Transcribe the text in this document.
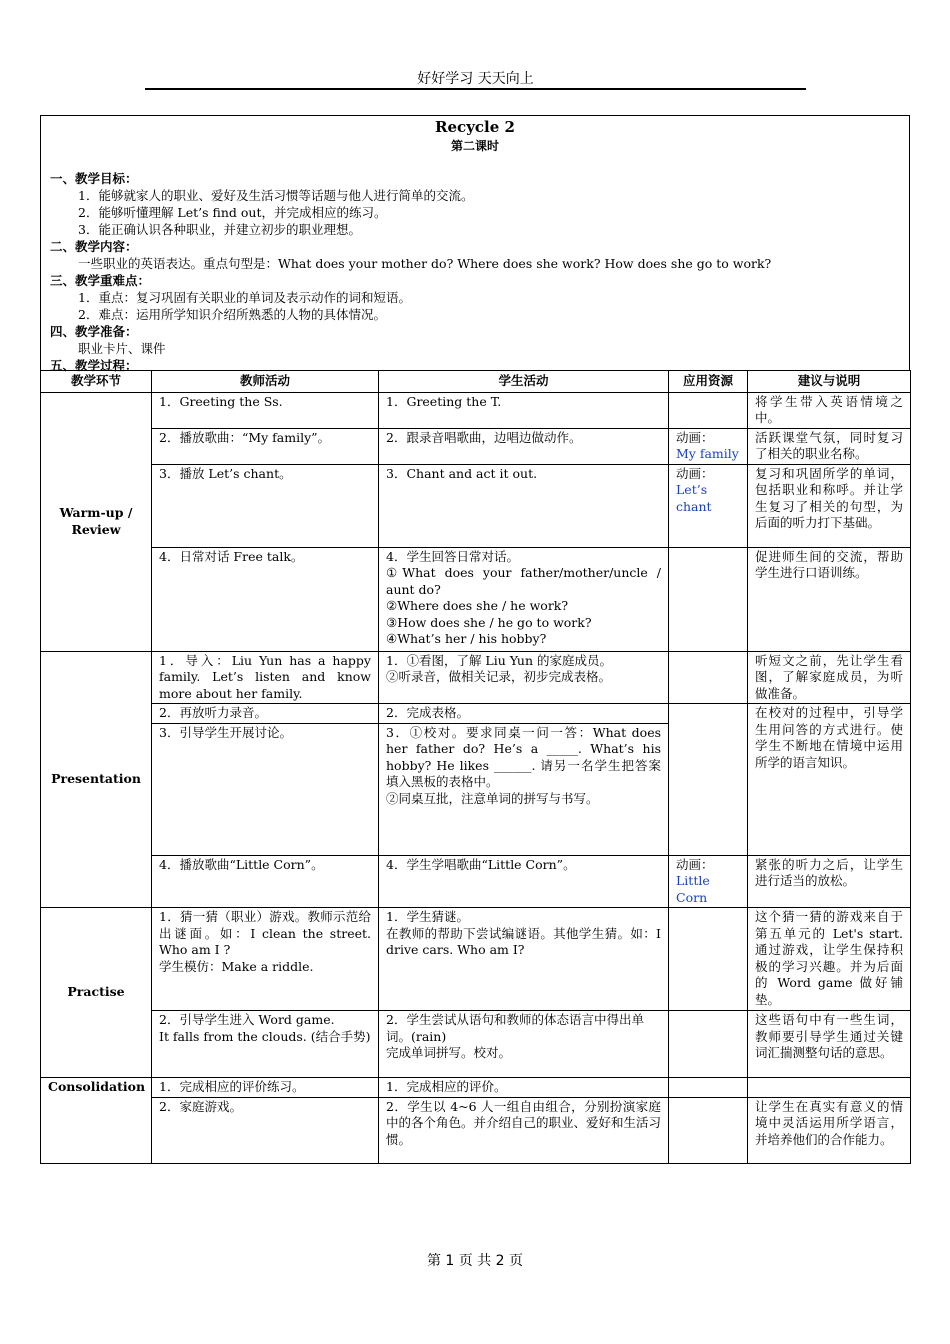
好好学习 天天向上
Recycle 2
第二课时
一、教学目标：
1．能够就家人的职业、爱好及生活习惯等话题与他人进行简单的交流。
2．能够听懂理解 Let’s find out，并完成相应的练习。
3．能正确认识各种职业，并建立初步的职业理想。
二、教学内容：
一些职业的英语表达。重点句型是：What does your mother do? Where does she work? How does she go to work?
三、教学重难点：
1．重点：复习巩固有关职业的单词及表示动作的词和短语。
2．难点：运用所学知识介绍所熟悉的人物的具体情况。
四、教学准备：
职业卡片、课件
五、教学过程：
教学环节	教师活动	学生活动	应用资源	建议与说明
Warm-up / Review	1．Greeting the Ss.	1．Greeting the T.		将学生带入英语情境之中。
	2．播放歌曲：“My family”。	2．跟录音唱歌曲，边唱边做动作。	动画：
My family	活跃课堂气氛，同时复习了相关的职业名称。
	3．播放 Let’s chant。	3．Chant and act it out.	动画：
Let’s chant	复习和巩固所学的单词，包括职业和称呼。并让学生复习了相关的句型，为后面的听力打下基础。
	4．日常对话 Free talk。	4．学生回答日常对话。
①What does your father/mother/uncle / aunt do?
②Where does she / he work?
③How does she / he go to work?
④What’s her / his hobby?		促进师生间的交流，帮助学生进行口语训练。
Presentation	1．导入：Liu Yun has a happy family. Let’s listen and know more about her family.	1．①看图，了解 Liu Yun 的家庭成员。
②听录音，做相关记录，初步完成表格。		听短文之前，先让学生看图，了解家庭成员，为听做准备。
	2．再放听力录音。	2．完成表格。		在校对的过程中，引导学生用问答的方式进行。使学生不断地在情境中运用所学的语言知识。
	3．引导学生开展讨论。	3．①校对。要求同桌一问一答：What does her father do? He’s a _____. What’s his hobby? He likes ______. 请另一名学生把答案填入黑板的表格中。
②同桌互批，注意单词的拼写与书写。		

	4．播放歌曲“Little Corn”。	4．学生学唱歌曲“Little Corn”。	动画：
Little Corn	紧张的听力之后，让学生进行适当的放松。
Practise	1．猜一猜（职业）游戏。教师示范给出谜面。如：I clean the street. Who am I ?
学生模仿：Make a riddle.	1．学生猜谜。
在教师的帮助下尝试编谜语。其他学生猜。如：I drive cars. Who am I?		这个猜一猜的游戏来自于第五单元的 Let's start. 通过游戏，让学生保持积极的学习兴趣。并为后面的 Word game 做好铺垫。

	2．引导学生进入 Word game.
It falls from the clouds. (结合手势)	2．学生尝试从语句和教师的体态语言中得出单词。(rain)
完成单词拼写。校对。		这些语句中有一些生词，教师要引导学生通过关键词汇揣测整句话的意思。
Consolidation	1．完成相应的评价练习。	1．完成相应的评价。		
	2．家庭游戏。	2．学生以 4~6 人一组自由组合，分别扮演家庭中的各个角色。并介绍自己的职业、爱好和生活习惯。		让学生在真实有意义的情境中灵活运用所学语言，并培养他们的合作能力。
第 1 页 共 2 页
